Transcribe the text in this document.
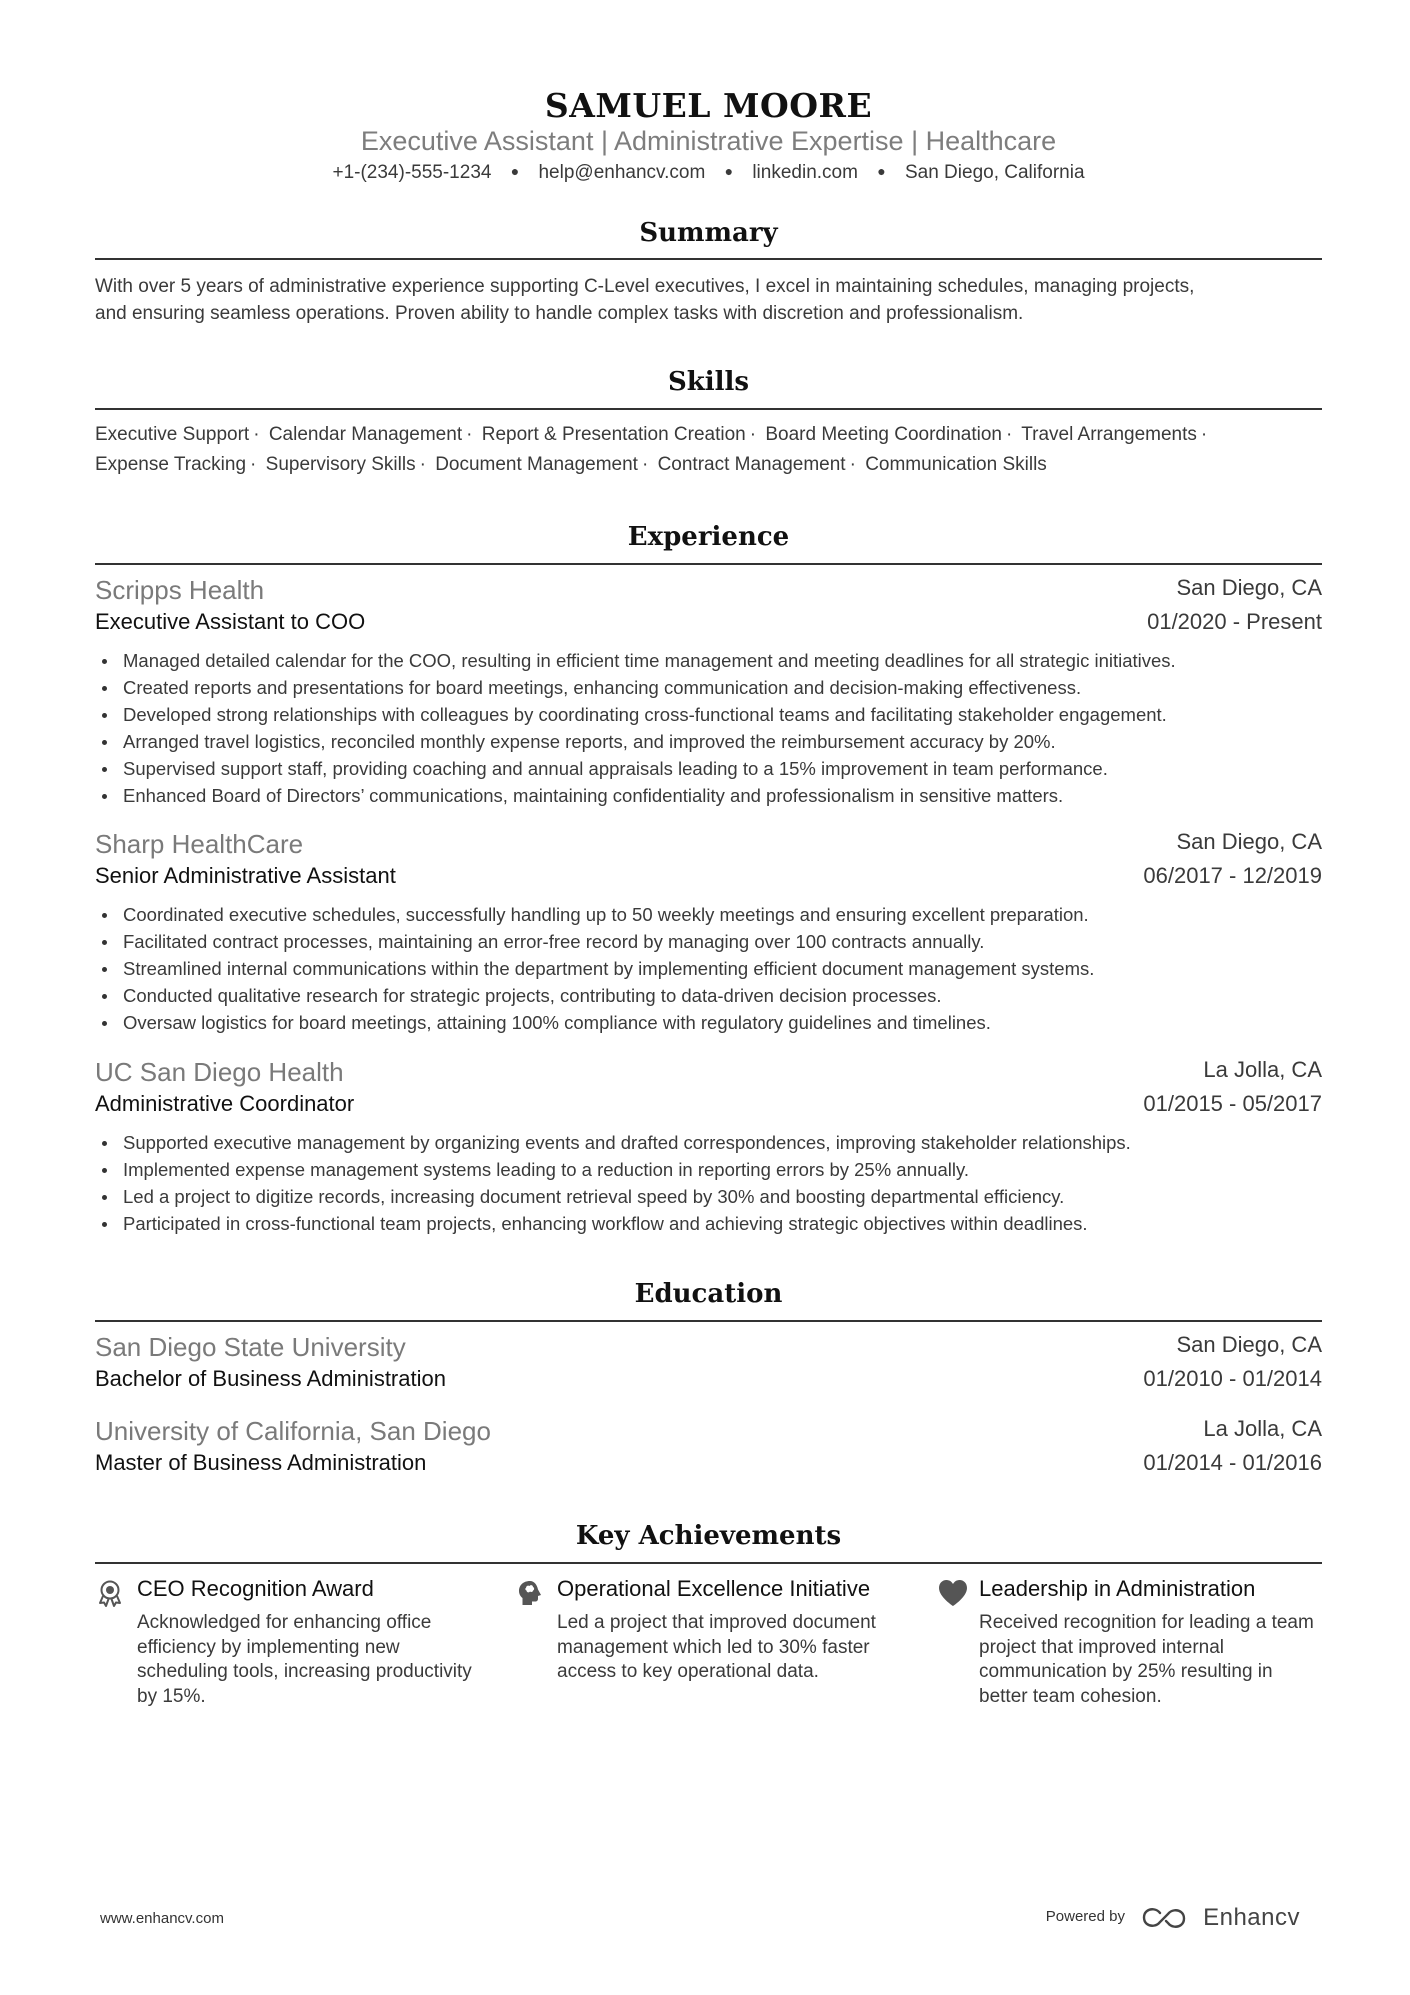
SAMUEL MOORE
Executive Assistant | Administrative Expertise | Healthcare
+1-(234)-555-1234 ● help@enhancv.com ● linkedin.com ● San Diego, California
Summary
With over 5 years of administrative experience supporting C-Level executives, I excel in maintaining schedules, managing projects,
and ensuring seamless operations. Proven ability to handle complex tasks with discretion and professionalism.
Skills
Executive Support · Calendar Management · Report & Presentation Creation · Board Meeting Coordination · Travel Arrangements ·
Expense Tracking · Supervisory Skills · Document Management · Contract Management · Communication Skills
Experience
Scripps Health	San Diego, CA
Executive Assistant to COO	01/2020 - Present
Managed detailed calendar for the COO, resulting in efficient time management and meeting deadlines for all strategic initiatives.
Created reports and presentations for board meetings, enhancing communication and decision-making effectiveness.
Developed strong relationships with colleagues by coordinating cross-functional teams and facilitating stakeholder engagement.
Arranged travel logistics, reconciled monthly expense reports, and improved the reimbursement accuracy by 20%.
Supervised support staff, providing coaching and annual appraisals leading to a 15% improvement in team performance.
Enhanced Board of Directors’ communications, maintaining confidentiality and professionalism in sensitive matters.
Sharp HealthCare	San Diego, CA
Senior Administrative Assistant	06/2017 - 12/2019
Coordinated executive schedules, successfully handling up to 50 weekly meetings and ensuring excellent preparation.
Facilitated contract processes, maintaining an error-free record by managing over 100 contracts annually.
Streamlined internal communications within the department by implementing efficient document management systems.
Conducted qualitative research for strategic projects, contributing to data-driven decision processes.
Oversaw logistics for board meetings, attaining 100% compliance with regulatory guidelines and timelines.
UC San Diego Health	La Jolla, CA
Administrative Coordinator	01/2015 - 05/2017
Supported executive management by organizing events and drafted correspondences, improving stakeholder relationships.
Implemented expense management systems leading to a reduction in reporting errors by 25% annually.
Led a project to digitize records, increasing document retrieval speed by 30% and boosting departmental efficiency.
Participated in cross-functional team projects, enhancing workflow and achieving strategic objectives within deadlines.
Education
San Diego State University	San Diego, CA
Bachelor of Business Administration	01/2010 - 01/2014
University of California, San Diego	La Jolla, CA
Master of Business Administration	01/2014 - 01/2016
Key Achievements
CEO Recognition Award
Acknowledged for enhancing office efficiency by implementing new scheduling tools, increasing productivity by 15%.
Operational Excellence Initiative
Led a project that improved document management which led to 30% faster access to key operational data.
Leadership in Administration
Received recognition for leading a team project that improved internal communication by 25% resulting in better team cohesion.
www.enhancv.com	Powered by	Enhancv
